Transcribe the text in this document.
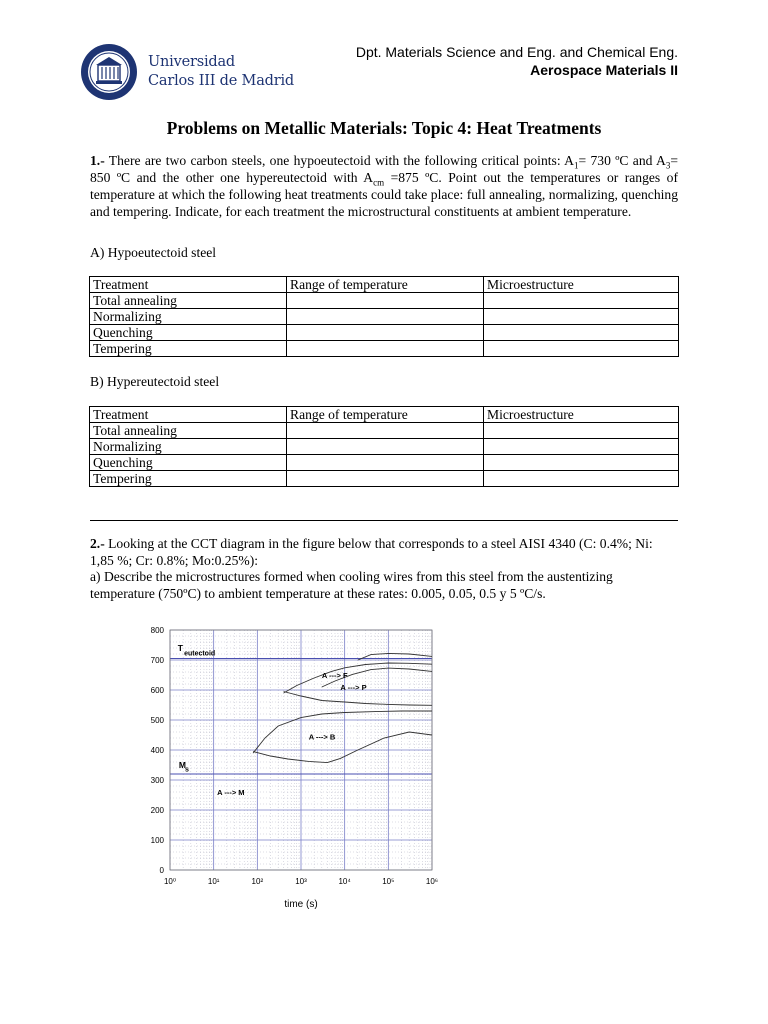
Universidad
Carlos III de Madrid
Dpt. Materials Science and Eng. and Chemical Eng.
Aerospace Materials II
Problems on Metallic Materials: Topic 4: Heat Treatments
1.- There are two carbon steels, one hypoeutectoid with the following critical points: $A_1= 730$ ºC and $A_3= 850$ ºC and the other one hypereutectoid with $A_{cm} =875$ ºC. Point out the temperatures or ranges of temperature at which the following heat treatments could take place: full annealing, normalizing, quenching and tempering. Indicate, for each treatment the microstructural constituents at ambient temperature.
A) Hypoeutectoid steel
Treatment	Range of temperature	Microestructure
Total annealing		
Normalizing		
Quenching		
Tempering		
B) Hypereutectoid steel
Treatment	Range of temperature	Microestructure
Total annealing		
Normalizing		
Quenching		
Tempering		
2.- Looking at the CCT diagram in the figure below that corresponds to a steel AISI 4340 (C: 0.4%; Ni: 1,85 %; Cr: 0.8%; Mo:0.25%):
a) Describe the microstructures formed when cooling wires from this steel from the austentizing temperature (750ºC) to ambient temperature at these rates: 0.005, 0.05, 0.5 y 5 ºC/s.
0
100
200
300
400
500
600
700
800
10⁰	10¹	10²	10³	10⁴	10⁵	10⁶
time (s)
T
eutectoid
M
s
A ---> F
A ---> P
A ---> B
A ---> M
